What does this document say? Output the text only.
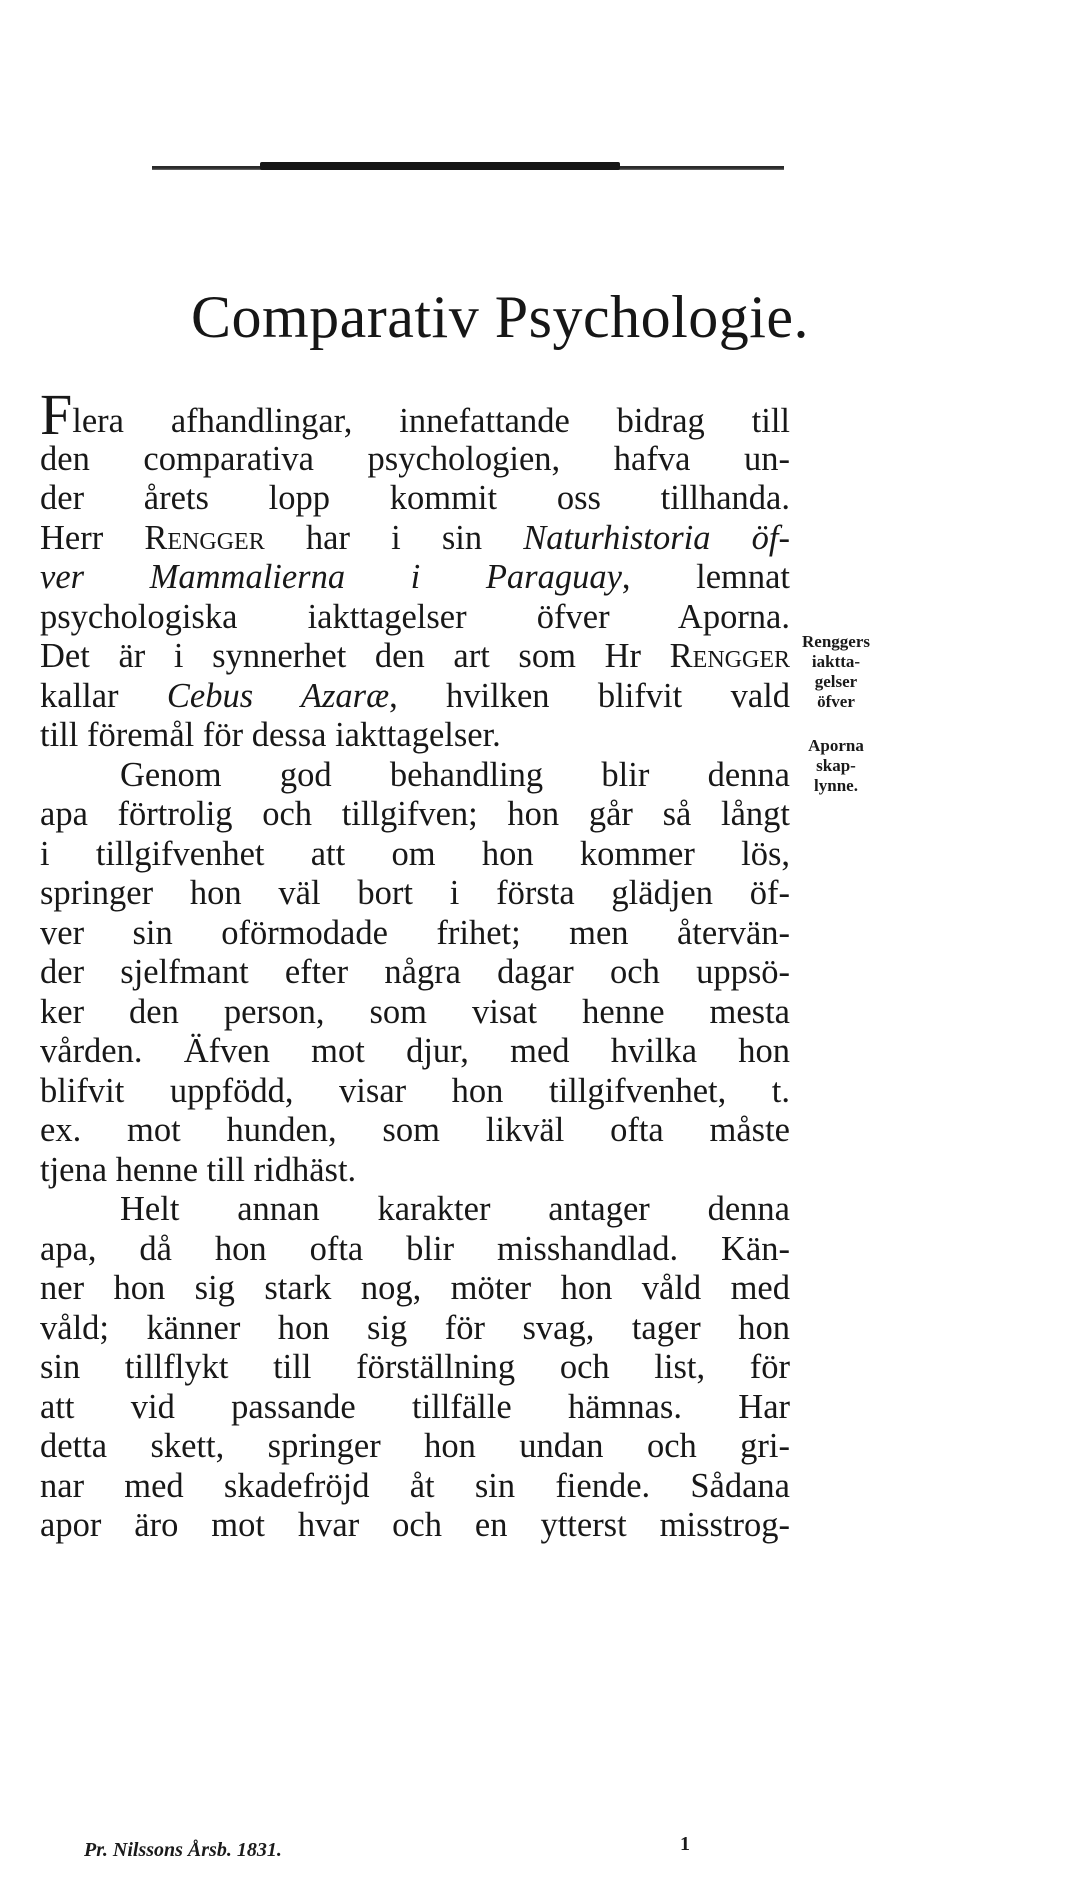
Comparativ Psychologie.
Flera afhandlingar, innefattande bidrag till
den comparativa psychologien, hafva un-
der årets lopp kommit oss tillhanda.
Herr Rengger har i sin Naturhistoria öf-
ver Mammalierna i Paraguay, lemnat
psychologiska iakttagelser öfver Aporna.
Det är i synnerhet den art som Hr Rengger
kallar Cebus Azaræ, hvilken blifvit vald
till föremål för dessa iakttagelser.
Genom god behandling blir denna
apa förtrolig och tillgifven; hon går så långt
i tillgifvenhet att om hon kommer lös,
springer hon väl bort i första glädjen öf-
ver sin oförmodade frihet; men återvän-
der sjelfmant efter några dagar och uppsö-
ker den person, som visat henne mesta
vården. Äfven mot djur, med hvilka hon
blifvit uppfödd, visar hon tillgifvenhet, t.
ex. mot hunden, som likväl ofta måste
tjena henne till ridhäst.
Helt annan karakter antager denna
apa, då hon ofta blir misshandlad. Kän-
ner hon sig stark nog, möter hon våld med
våld; känner hon sig för svag, tager hon
sin tillflykt till förställning och list, för
att vid passande tillfälle hämnas. Har
detta skett, springer hon undan och gri-
nar med skadefröjd åt sin fiende. Sådana
apor äro mot hvar och en ytterst misstrog-
Renggers
iaktta-
gelser
öfver
Aporna
skap-
lynne.
Pr. Nilssons Årsb. 1831.	1
